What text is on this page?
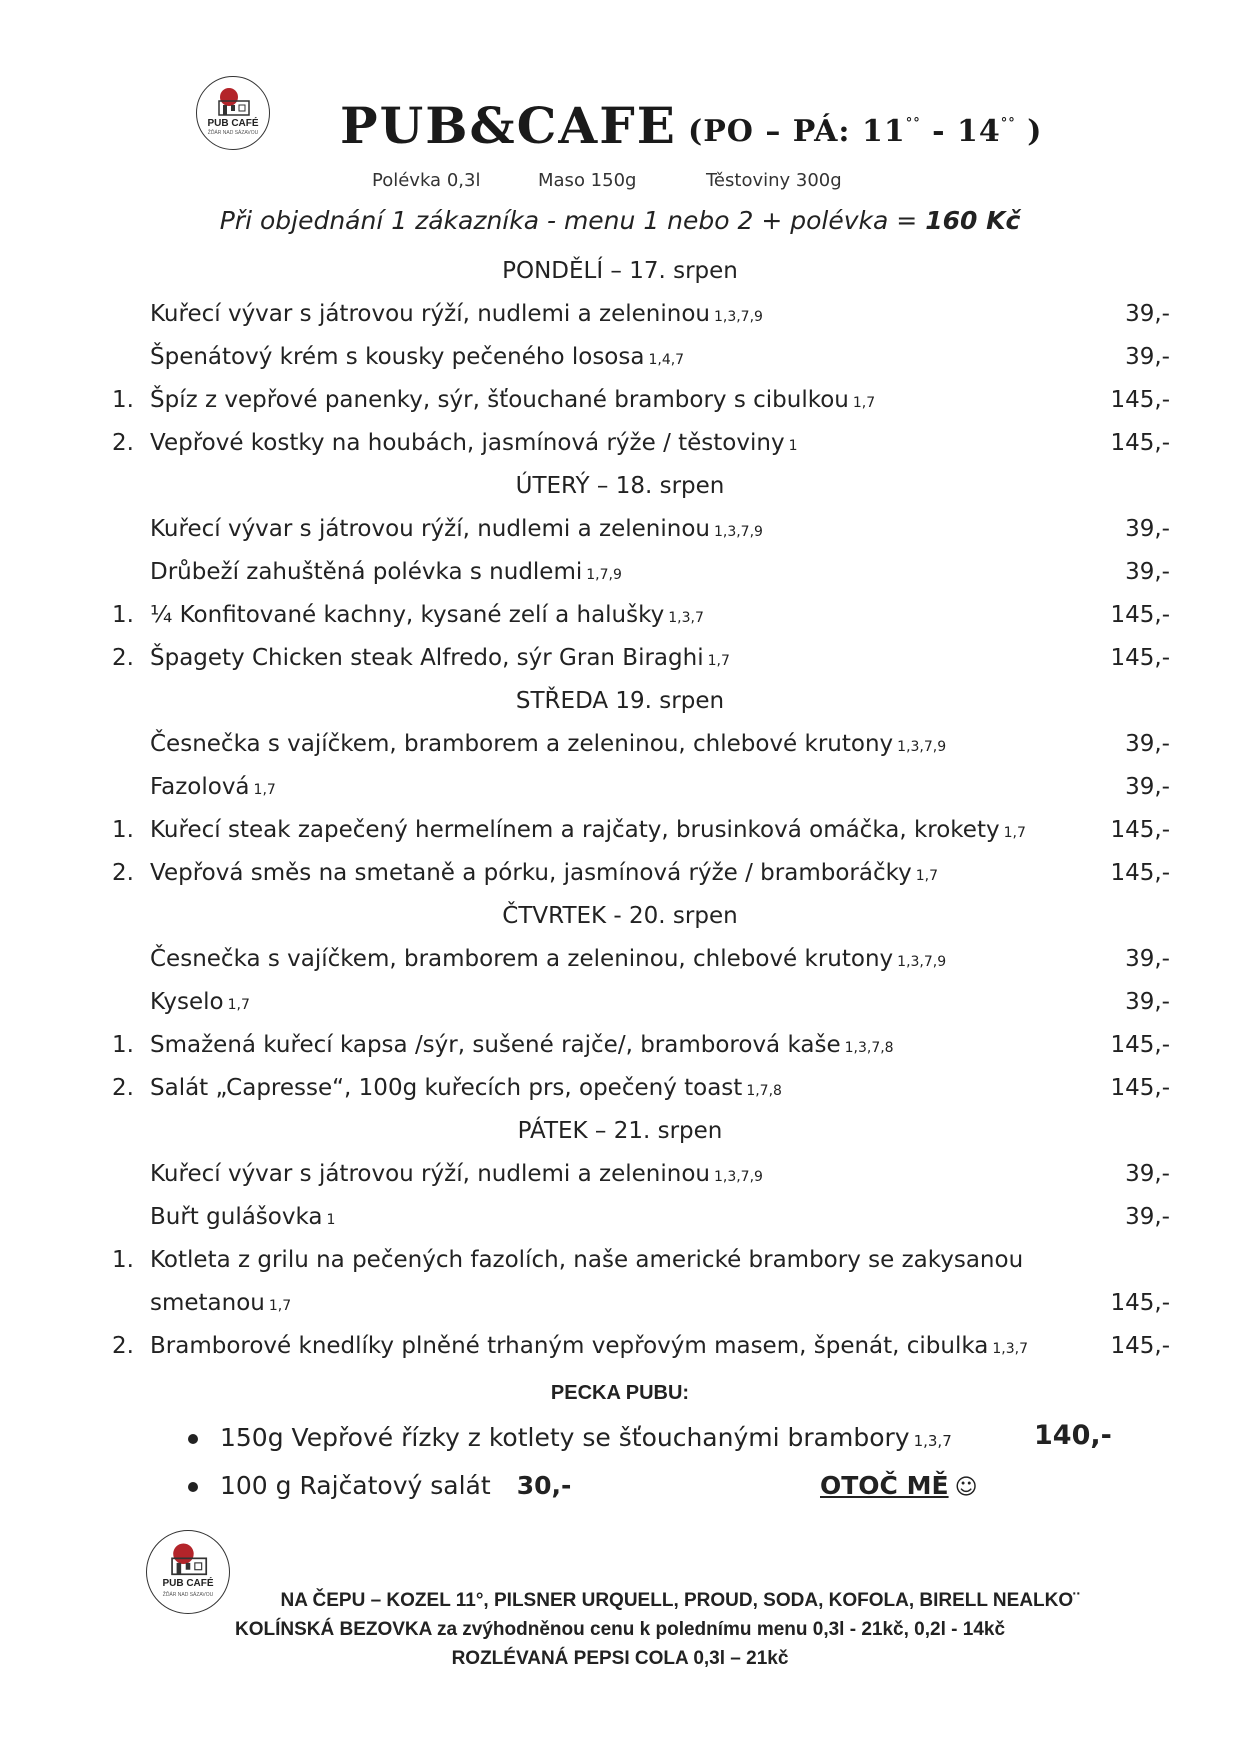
PUB CAFÉ
ŽĎÁR NAD SÁZAVOU PUB&CAFE (PO – PÁ: 11°° - 14°° )
Polévka 0,3l	Maso 150g	Těstoviny 300g
Při objednání 1 zákazníka - menu 1 nebo 2 + polévka = 160 Kč
PONDĚLÍ – 17. srpen
Kuřecí vývar s játrovou rýží, nudlemi a zeleninou 1,3,7,9	39,-
Špenátový krém s kousky pečeného lososa 1,4,7	39,-
1. Špíz z vepřové panenky, sýr, šťouchané brambory s cibulkou 1,7	145,-
2. Vepřové kostky na houbách, jasmínová rýže / těstoviny 1	145,-
ÚTERÝ – 18. srpen
Kuřecí vývar s játrovou rýží, nudlemi a zeleninou 1,3,7,9	39,-
Drůbeží zahuštěná polévka s nudlemi 1,7,9	39,-
1. ¼ Konfitované kachny, kysané zelí a halušky 1,3,7	145,-
2. Špagety Chicken steak Alfredo, sýr Gran Biraghi 1,7	145,-
STŘEDA 19. srpen
Česnečka s vajíčkem, bramborem a zeleninou, chlebové krutony 1,3,7,9	39,-
Fazolová 1,7	39,-
1. Kuřecí steak zapečený hermelínem a rajčaty, brusinková omáčka, krokety 1,7	145,-
2. Vepřová směs na smetaně a pórku, jasmínová rýže / bramboráčky 1,7	145,-
ČTVRTEK - 20. srpen
Česnečka s vajíčkem, bramborem a zeleninou, chlebové krutony 1,3,7,9	39,-
Kyselo 1,7	39,-
1. Smažená kuřecí kapsa /sýr, sušené rajče/, bramborová kaše 1,3,7,8	145,-
2. Salát „Capresse“, 100g kuřecích prs, opečený toast 1,7,8	145,-
PÁTEK – 21. srpen
Kuřecí vývar s játrovou rýží, nudlemi a zeleninou 1,3,7,9	39,-
Buřt gulášovka 1	39,-
1. Kotleta z grilu na pečených fazolích, naše americké brambory se zakysanou
smetanou 1,7	145,-
2. Bramborové knedlíky plněné trhaným vepřovým masem, špenát, cibulka 1,3,7	145,-
PECKA PUBU:
150g Vepřové řízky z kotlety se šťouchanými brambory 1,3,7	140,-
100 g Rajčatový salát 30,-	OTOČ MĚ ☺
PUB CAFÉ
ŽĎÁR NAD SÁZAVOU	NA ČEPU – KOZEL 11°, PILSNER URQUELL, PROUD, SODA, KOFOLA, BIRELL NEALKO¨
KOLÍNSKÁ BEZOVKA za zvýhodněnou cenu k polednímu menu 0,3l - 21kč, 0,2l - 14kč
ROZLÉVANÁ PEPSI COLA 0,3l – 21kč
